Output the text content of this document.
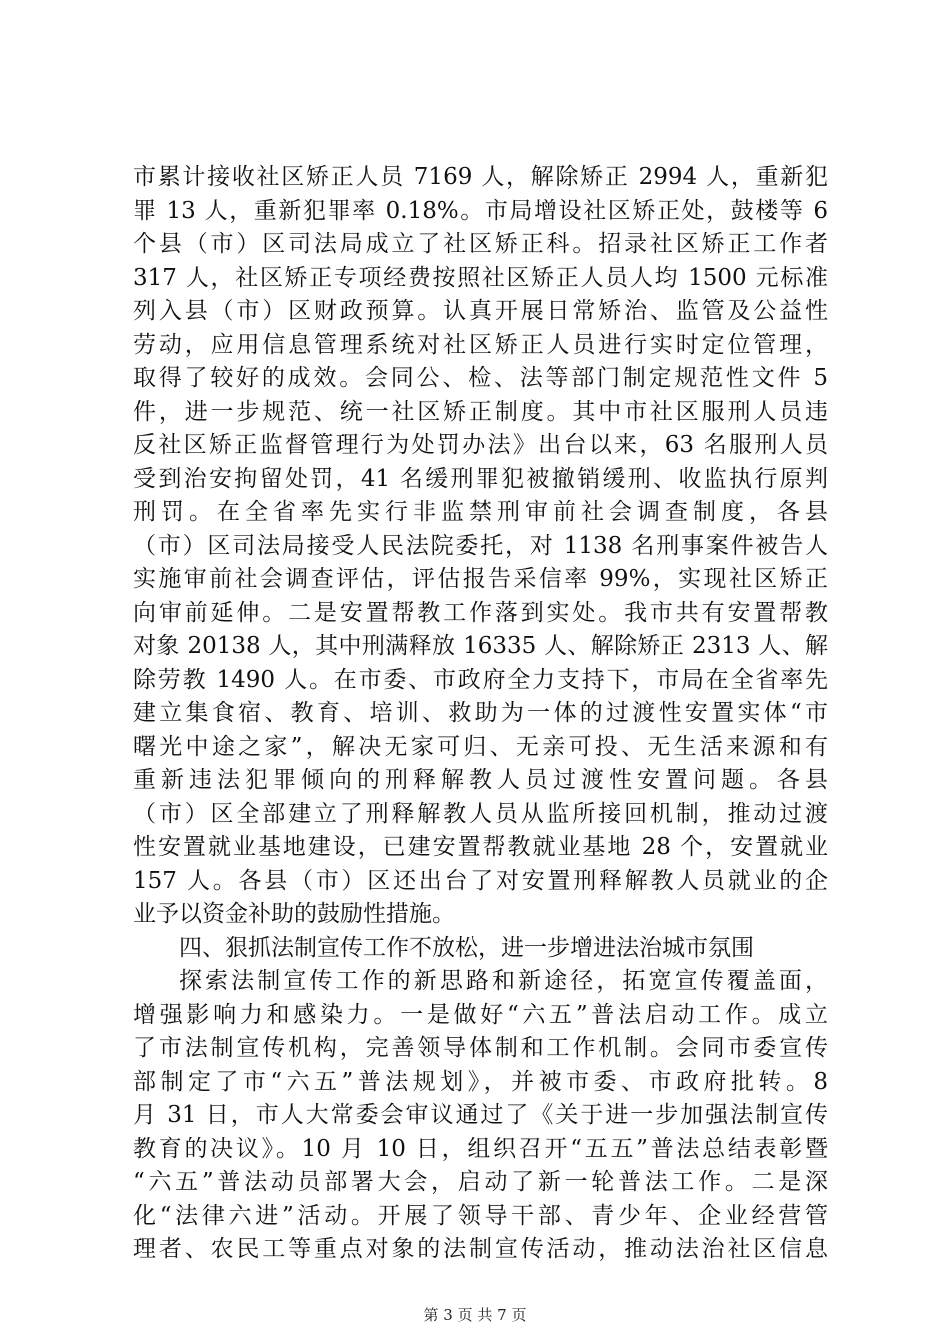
市累计接收社区矫正人员 7169 人，解除矫正 2994 人，重新犯
罪 13 人，重新犯罪率 0.18%。市局增设社区矫正处，鼓楼等 6
个县（市）区司法局成立了社区矫正科。招录社区矫正工作者
317 人，社区矫正专项经费按照社区矫正人员人均 1500 元标准
列入县（市）区财政预算。认真开展日常矫治、监管及公益性
劳动，应用信息管理系统对社区矫正人员进行实时定位管理，
取得了较好的成效。会同公、检、法等部门制定规范性文件 5
件，进一步规范、统一社区矫正制度。其中市社区服刑人员违
反社区矫正监督管理行为处罚办法》出台以来，63 名服刑人员
受到治安拘留处罚，41 名缓刑罪犯被撤销缓刑、收监执行原判
刑罚。在全省率先实行非监禁刑审前社会调查制度，各县
（市）区司法局接受人民法院委托，对 1138 名刑事案件被告人
实施审前社会调查评估，评估报告采信率 99%，实现社区矫正
向审前延伸。二是安置帮教工作落到实处。我市共有安置帮教
对象 20138 人，其中刑满释放 16335 人、解除矫正 2313 人、解
除劳教 1490 人。在市委、市政府全力支持下，市局在全省率先
建立集食宿、教育、培训、救助为一体的过渡性安置实体“市
曙光中途之家”，解决无家可归、无亲可投、无生活来源和有
重新违法犯罪倾向的刑释解教人员过渡性安置问题。各县
（市）区全部建立了刑释解教人员从监所接回机制，推动过渡
性安置就业基地建设，已建安置帮教就业基地 28 个，安置就业
157 人。各县（市）区还出台了对安置刑释解教人员就业的企
业予以资金补助的鼓励性措施。
四、狠抓法制宣传工作不放松，进一步增进法治城市氛围
探索法制宣传工作的新思路和新途径，拓宽宣传覆盖面，
增强影响力和感染力。一是做好“六五”普法启动工作。成立
了市法制宣传机构，完善领导体制和工作机制。会同市委宣传
部制定了市“六五”普法规划》，并被市委、市政府批转。8
月 31 日，市人大常委会审议通过了《关于进一步加强法制宣传
教育的决议》。10 月 10 日，组织召开“五五”普法总结表彰暨
“六五”普法动员部署大会，启动了新一轮普法工作。二是深
化“法律六进”活动。开展了领导干部、青少年、企业经营管
理者、农民工等重点对象的法制宣传活动，推动法治社区信息
第 3 页 共 7 页
